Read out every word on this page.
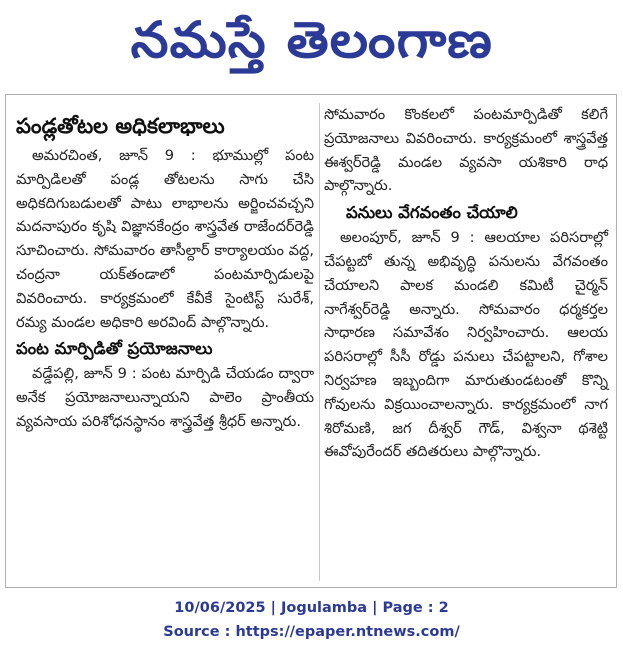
నమస్తే తెలంగాణ

పండ్లతోటల అధికలాభాలు

అమరచింత, జూన్ 9 : భూముల్లో పంట మార్పిడిలతో పండ్ల తోటలను సాగు చేసి అధికదిగుబడులతో పాటు లాభాలను అర్జించవచ్చని మదనాపురం కృషి విజ్ఞానకేంద్రం శాస్త్రవేత రాజేందర్‌రెడ్డి సూచించారు. సోమవారం తాసీల్దార్ కార్యాలయం వద్ద, చంద్రనా యక్‌తండాలో పంటమార్పిడులపై వివరించారు. కార్యక్రమంలో కేవీకే సైంటిస్ట్ సురేశ్, రమ్య మండల అధికారి అరవింద్ పాల్గొన్నారు.

పంట మార్పిడితో ప్రయోజనాలు

వడ్డేపల్లి, జూన్ 9 : పంట మార్పిడి చేయడం ద్వారా అనేక ప్రయోజనాలున్నాయని పాలెం ప్రాంతీయ వ్యవసాయ పరిశోధనస్థానం శాస్త్రవేత్త శ్రీధర్ అన్నారు.

సోమవారం కొంకలలో పంటమార్పిడితో కలిగే ప్రయోజనాలు వివరించారు. కార్యక్రమంలో శాస్త్రవేత్త ఈశ్వర్‌రెడ్డి మండల వ్యవసా యశికారి రాధ పాల్గొన్నారు.

పనులు వేగవంతం చేయాలి

అలంపూర్, జూన్ 9 : ఆలయాల పరిసరాల్లో చేపట్టబో తున్న అభివృద్ధి పనులను వేగవంతం చేయాలని పాలక మండలి కమిటీ చైర్మన్ నాగేశ్వర్‌రెడ్డి అన్నారు. సోమవారం ధర్మకర్తల సాధారణ సమావేశం నిర్వహించారు. ఆలయ పరిసరాల్లో సీసీ రోడ్డు పనులు చేపట్టాలని, గోశాల నిర్వహణ ఇబ్బందిగా మారుతుండటంతో కొన్ని గోవులను విక్రయించాలన్నారు. కార్యక్రమంలో నాగ శిరోమణి, జగ దీశ్వర్ గౌడ్, విశ్వనా థశెట్టి ఈవోపురేందర్ తదితరులు పాల్గొన్నారు.

10/06/2025 | Jogulamba | Page : 2
Source : https://epaper.ntnews.com/
